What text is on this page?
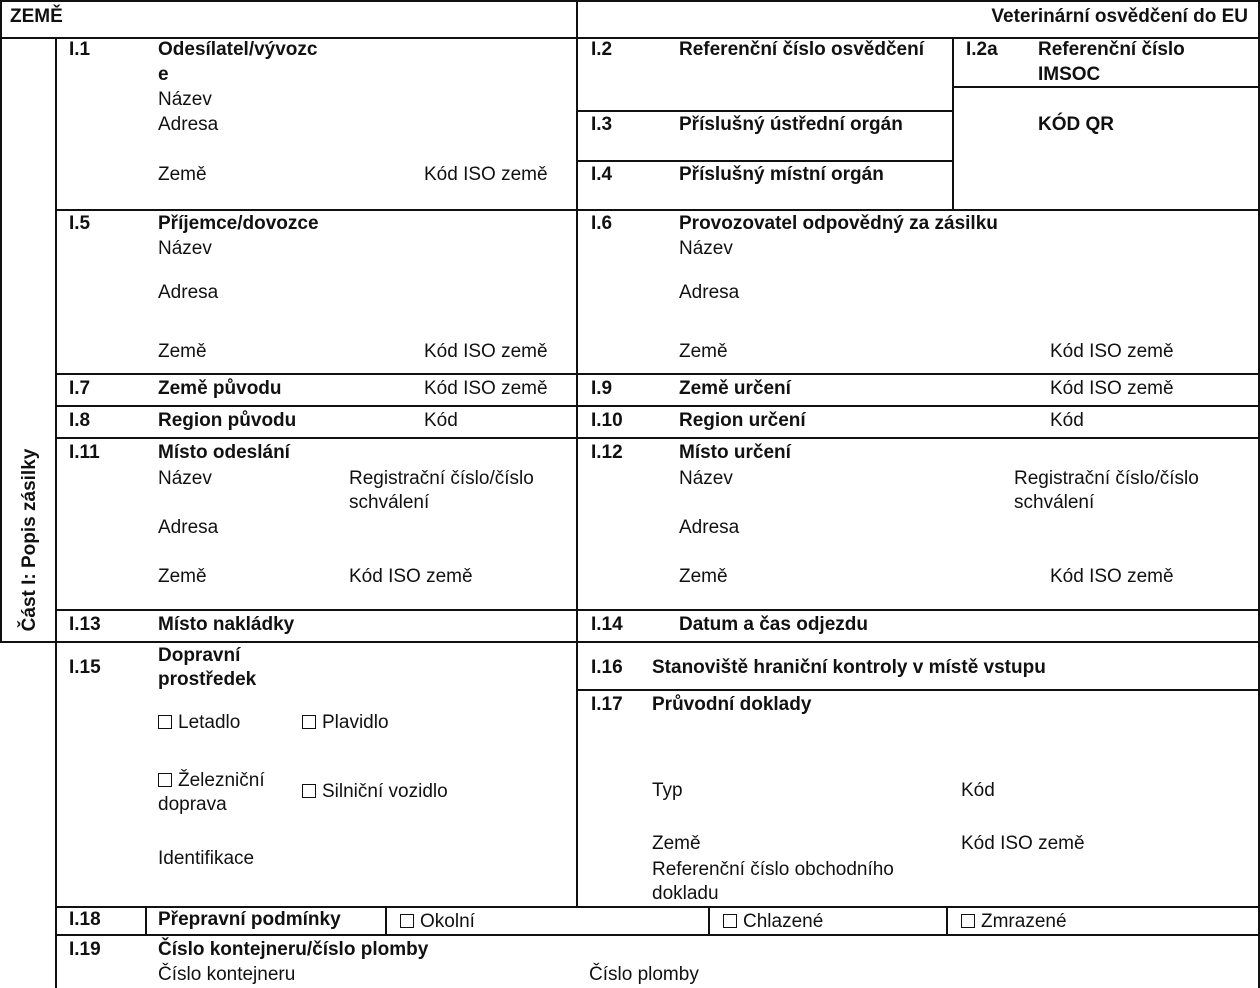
ZEMĚ	Veterinární osvědčení do EU
Část I: Popis zásilky
I.1	Odesílatel/vývozc
e
Název
Adresa
Země	Kód ISO země
I.2	Referenční číslo osvědčení I.2a Referenční číslo
IMSOC
KÓD QR
I.3	Příslušný ústřední orgán
I.4	Příslušný místní orgán
I.5	Příjemce/dovozce
Název
Adresa
Země	Kód ISO země
I.6	Provozovatel odpovědný za zásilku
Název
Adresa
Země	Kód ISO země
I.7	Země původu	Kód ISO země I.9	Země určení	Kód ISO země
I.8	Region původu	Kód	I.10	Region určení	Kód
I.11	Místo odeslání
Název	Registrační číslo/číslo
schválení
Adresa
Země	Kód ISO země
I.12	Místo určení
Název	Registrační číslo/číslo
schválení
Adresa
Země	Kód ISO země
I.13	Místo nakládky	I.14	Datum a čas odjezdu
I.15
Dopravní
prostředek
Letadlo	Plavidlo
Železniční
doprava
Silniční vozidlo
Identifikace
I.16 Stanoviště hraniční kontroly v místě vstupu
I.17 Průvodní doklady
Typ	Kód
Země	Kód ISO země
Referenční číslo obchodního
dokladu
I.18	Přepravní podmínky	Okolní	Chlazené	Zmrazené
I.19	Číslo kontejneru/číslo plomby
Číslo kontejneru	Číslo plomby
